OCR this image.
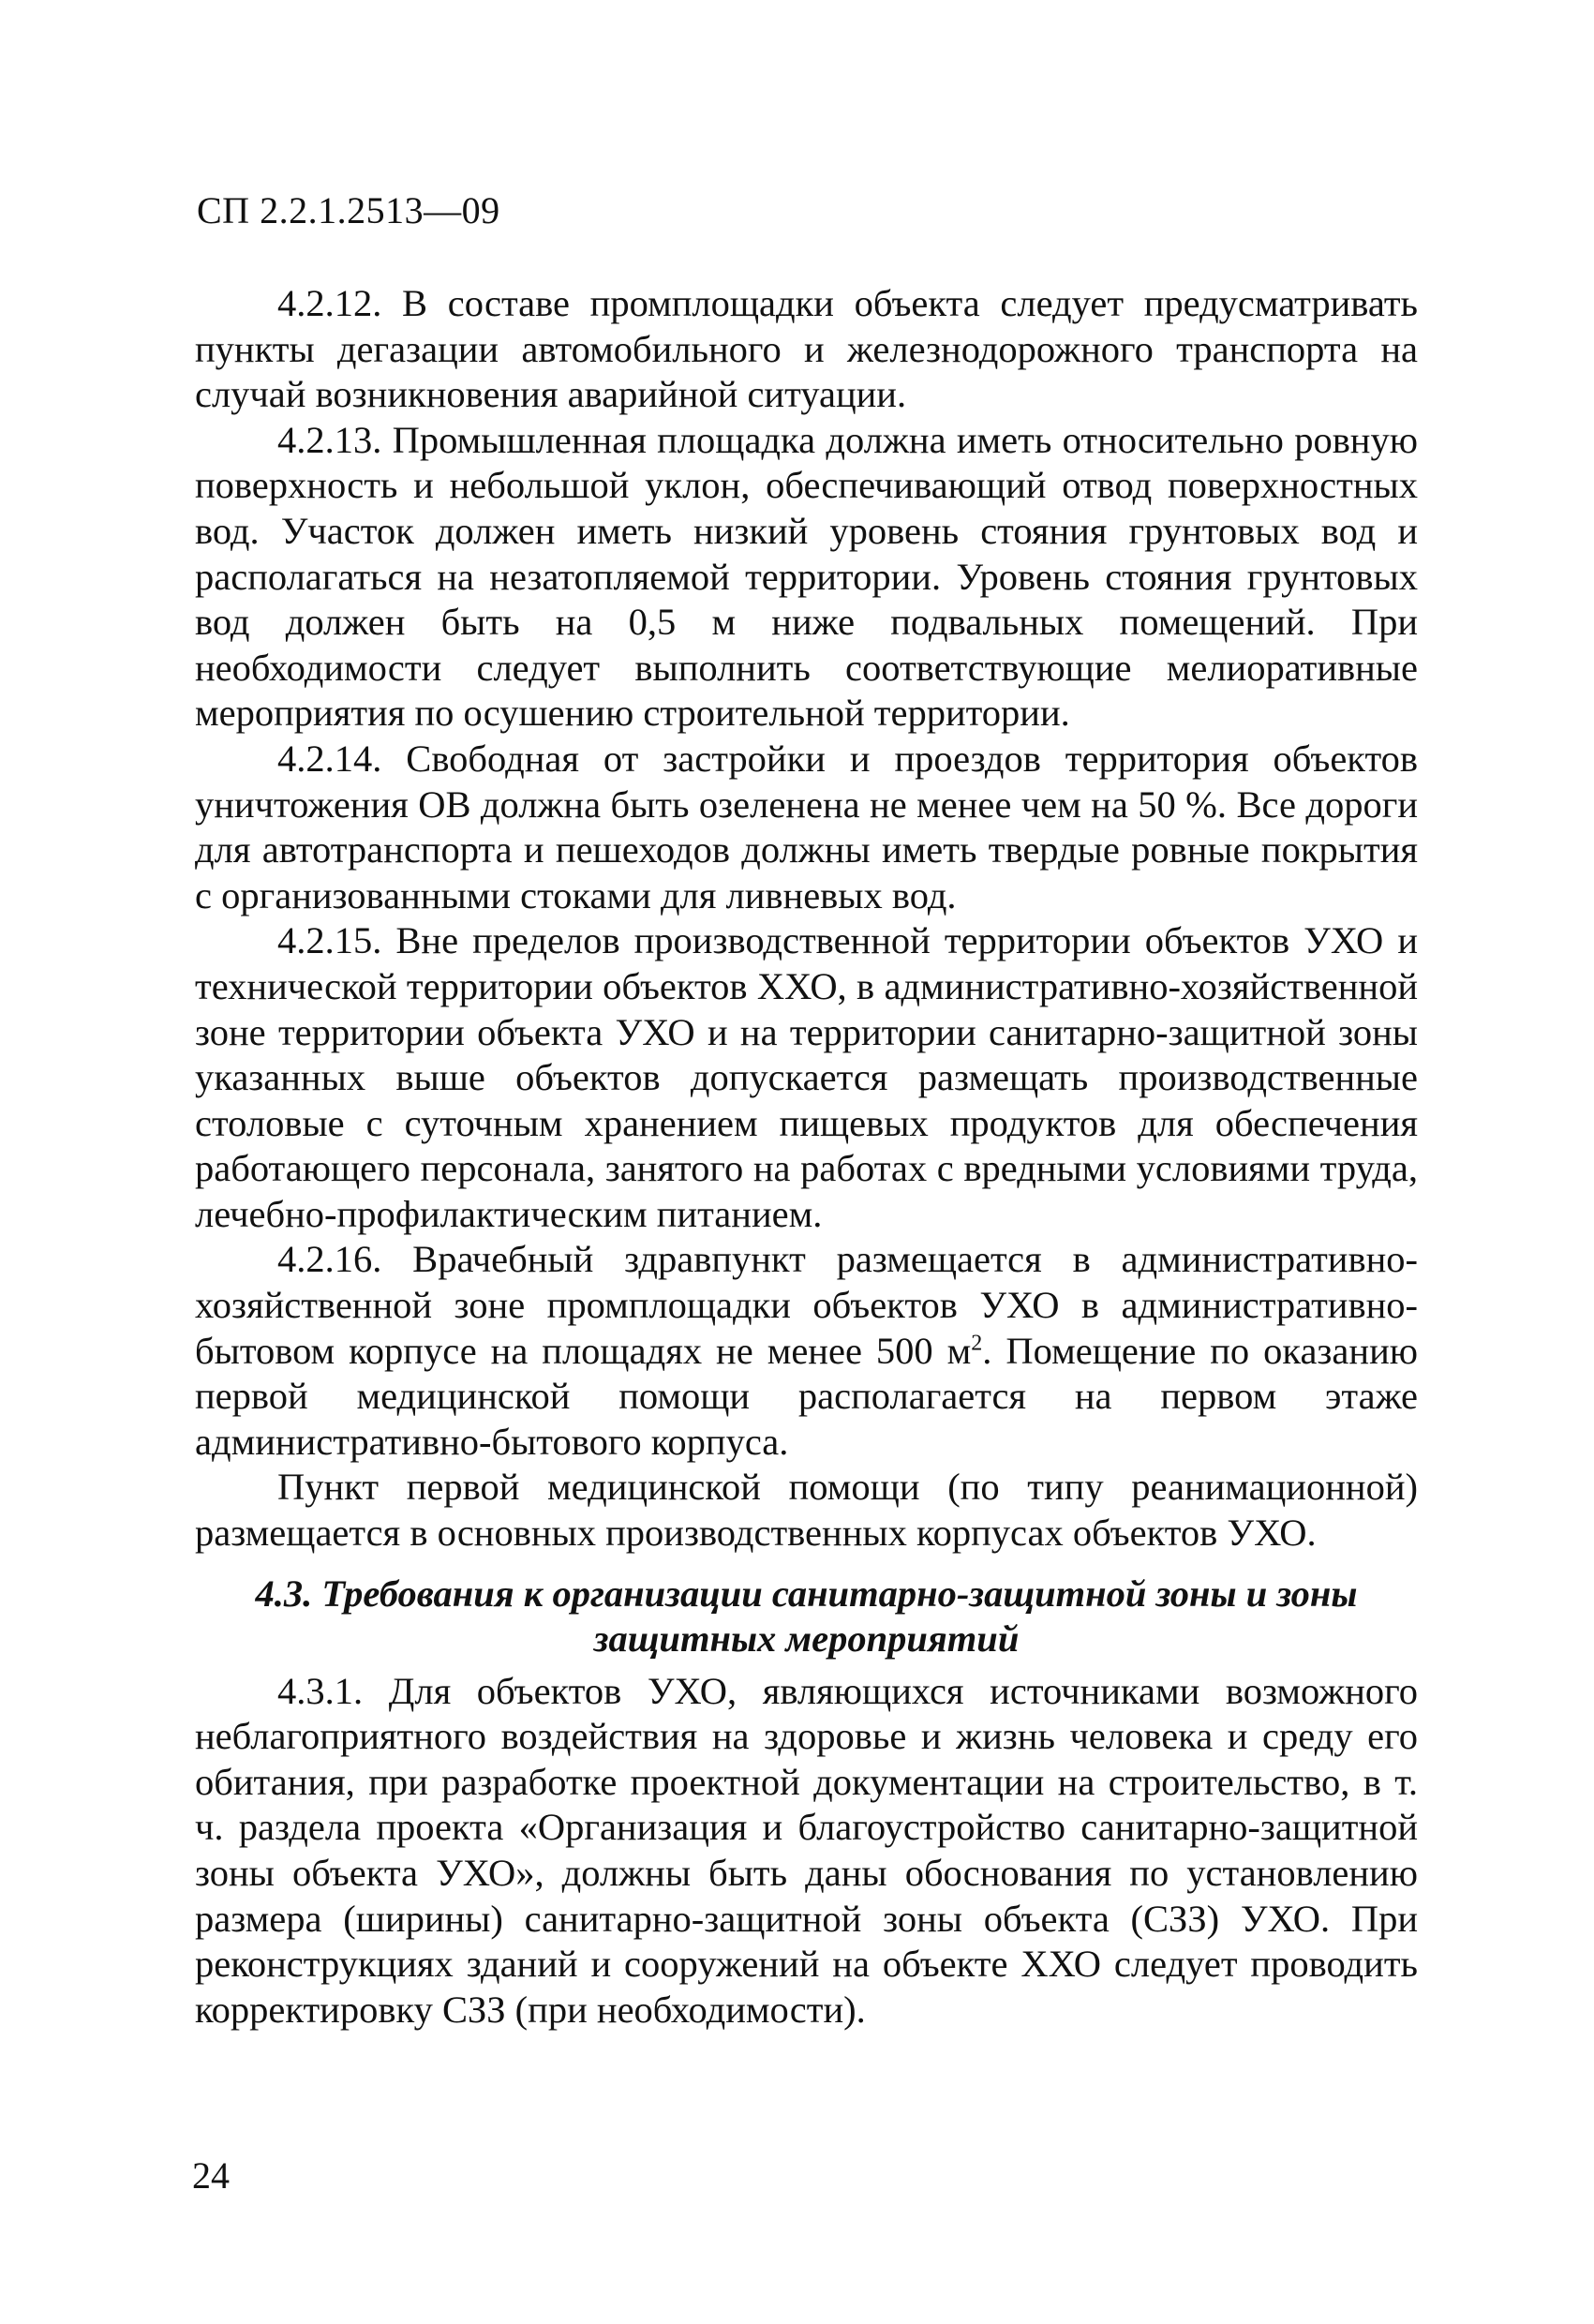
СП 2.2.1.2513—09

4.2.12. В составе промплощадки объекта следует предусматривать пункты дегазации автомобильного и железнодорожного транспорта на случай возникновения аварийной ситуации.

4.2.13. Промышленная площадка должна иметь относительно ровную поверхность и небольшой уклон, обеспечивающий отвод поверхностных вод. Участок должен иметь низкий уровень стояния грунтовых вод и располагаться на незатопляемой территории. Уровень стояния грунтовых вод должен быть на 0,5 м ниже подвальных помещений. При необходимости следует выполнить соответствующие мелиоративные мероприятия по осушению строительной территории.

4.2.14. Свободная от застройки и проездов территория объектов уничтожения ОВ должна быть озеленена не менее чем на 50 %. Все дороги для автотранспорта и пешеходов должны иметь твердые ровные покрытия с организованными стоками для ливневых вод.

4.2.15. Вне пределов производственной территории объектов УХО и технической территории объектов ХХО, в административно-хозяйственной зоне территории объекта УХО и на территории санитарно-защитной зоны указанных выше объектов допускается размещать производственные столовые с суточным хранением пищевых продуктов для обеспечения работающего персонала, занятого на работах с вредными условиями труда, лечебно-профилактическим питанием.

4.2.16. Врачебный здравпункт размещается в административно-хозяйственной зоне промплощадки объектов УХО в административно-бытовом корпусе на площадях не менее 500 $м^2$. Помещение по оказанию первой медицинской помощи располагается на первом этаже административно-бытового корпуса.

Пункт первой медицинской помощи (по типу реанимационной) размещается в основных производственных корпусах объектов УХО.

4.3. Требования к организации санитарно-защитной зоны и зоны защитных мероприятий

4.3.1. Для объектов УХО, являющихся источниками возможного неблагоприятного воздействия на здоровье и жизнь человека и среду его обитания, при разработке проектной документации на строительство, в т. ч. раздела проекта «Организация и благоустройство санитарно-защитной зоны объекта УХО», должны быть даны обоснования по установлению размера (ширины) санитарно-защитной зоны объекта (СЗЗ) УХО. При реконструкциях зданий и сооружений на объекте ХХО следует проводить корректировку СЗЗ (при необходимости).

24
